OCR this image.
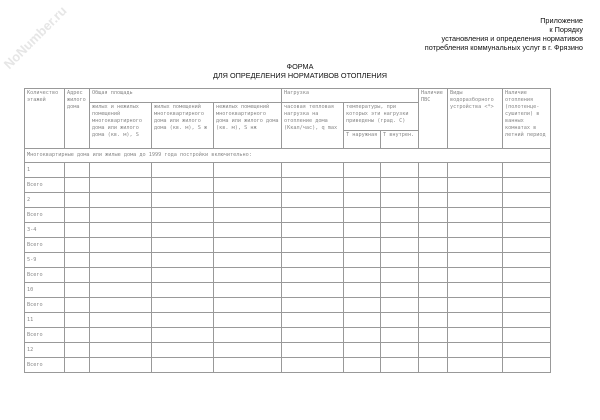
NoNumber.ru	Приложение
к Порядку
установления и определения нормативов
потребления коммунальных услуг в г. Фрязино
ФОРМА
ДЛЯ ОПРЕДЕЛЕНИЯ НОРМАТИВОВ ОТОПЛЕНИЯ
Количество этажей	Адрес жилого дома	Общая площадь			Нагрузка			Наличие ПВС	Виды водоразборного устройства <*>	Наличие отопления (полотенце-сушители) в ванных комнатах в летний период
		жилых и нежилых помещений многоквартирного дома или жилого дома (кв. м), S	жилых помещений многоквартирного дома или жилого дома (кв. м), S ж	нежилых помещений многоквартирного дома или жилого дома (кв. м), S нж	часовая тепловая нагрузка на отопление дома (Ккал/час), q max	температуры, при которых эти нагрузки приведены (град. С)				
						T наружная	T внутрен.			
Многоквартирные дома или жилые дома до 1999 года постройки включительно:										
1										
Всего										
2										
Всего										
3-4										
Всего										
5-9										
Всего										
10										
Всего										
11										
Всего										
12										
Всего										
